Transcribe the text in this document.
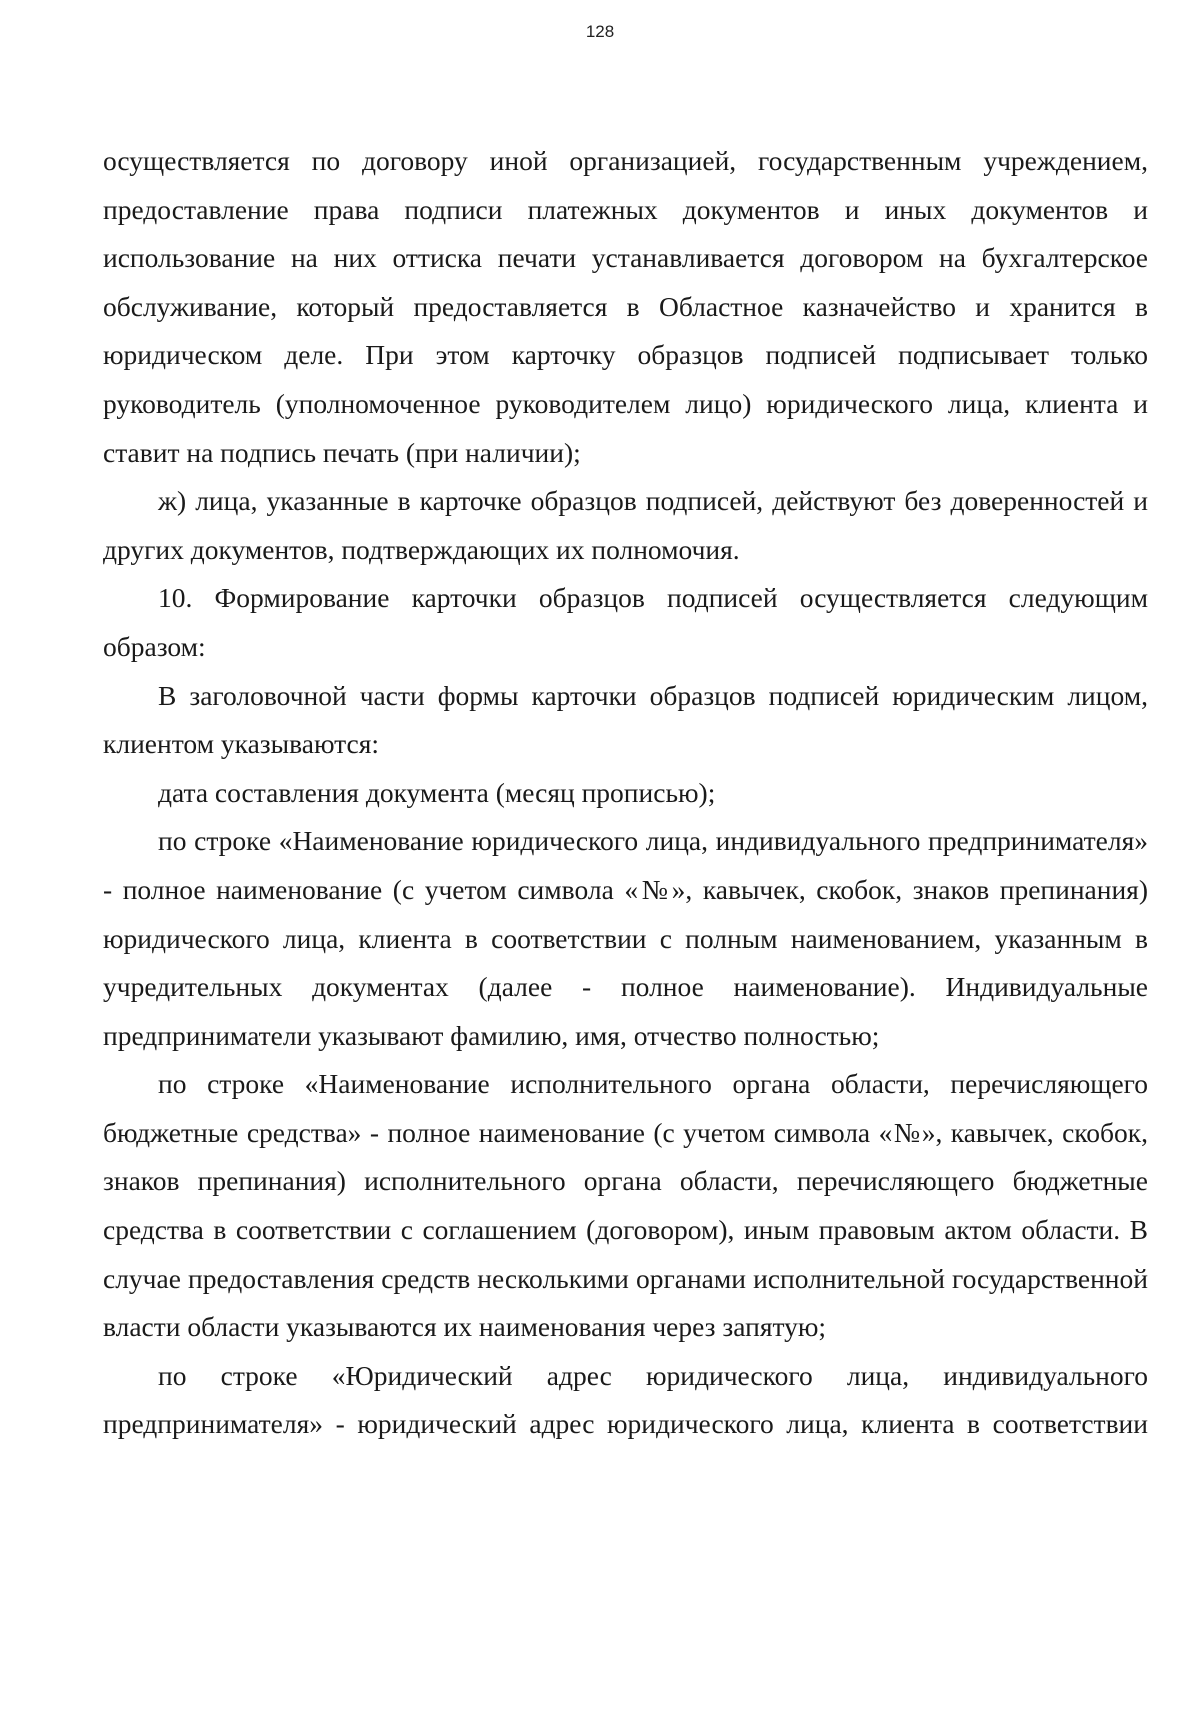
128

осуществляется по договору иной организацией, государственным учреждением, предоставление права подписи платежных документов и иных документов и использование на них оттиска печати устанавливается договором на бухгалтерское обслуживание, который предоставляется в Областное казначейство и хранится в юридическом деле. При этом карточку образцов подписей подписывает только руководитель (уполномоченное руководителем лицо) юридического лица, клиента и ставит на подпись печать (при наличии);

ж) лица, указанные в карточке образцов подписей, действуют без доверенностей и других документов, подтверждающих их полномочия.

10. Формирование карточки образцов подписей осуществляется следующим образом:

В заголовочной части формы карточки образцов подписей юридическим лицом, клиентом указываются:

дата составления документа (месяц прописью);

по строке «Наименование юридического лица, индивидуального предпринимателя» - полное наименование (с учетом символа «№», кавычек, скобок, знаков препинания) юридического лица, клиента в соответствии с полным наименованием, указанным в учредительных документах (далее - полное наименование). Индивидуальные предприниматели указывают фамилию, имя, отчество полностью;

по строке «Наименование исполнительного органа области, перечисляющего бюджетные средства» - полное наименование (с учетом символа «№», кавычек, скобок, знаков препинания) исполнительного органа области, перечисляющего бюджетные средства в соответствии с соглашением (договором), иным правовым актом области. В случае предоставления средств несколькими органами исполнительной государственной власти области указываются их наименования через запятую;

по строке «Юридический адрес юридического лица, индивидуального предпринимателя» - юридический адрес юридического лица, клиента в соответствии
